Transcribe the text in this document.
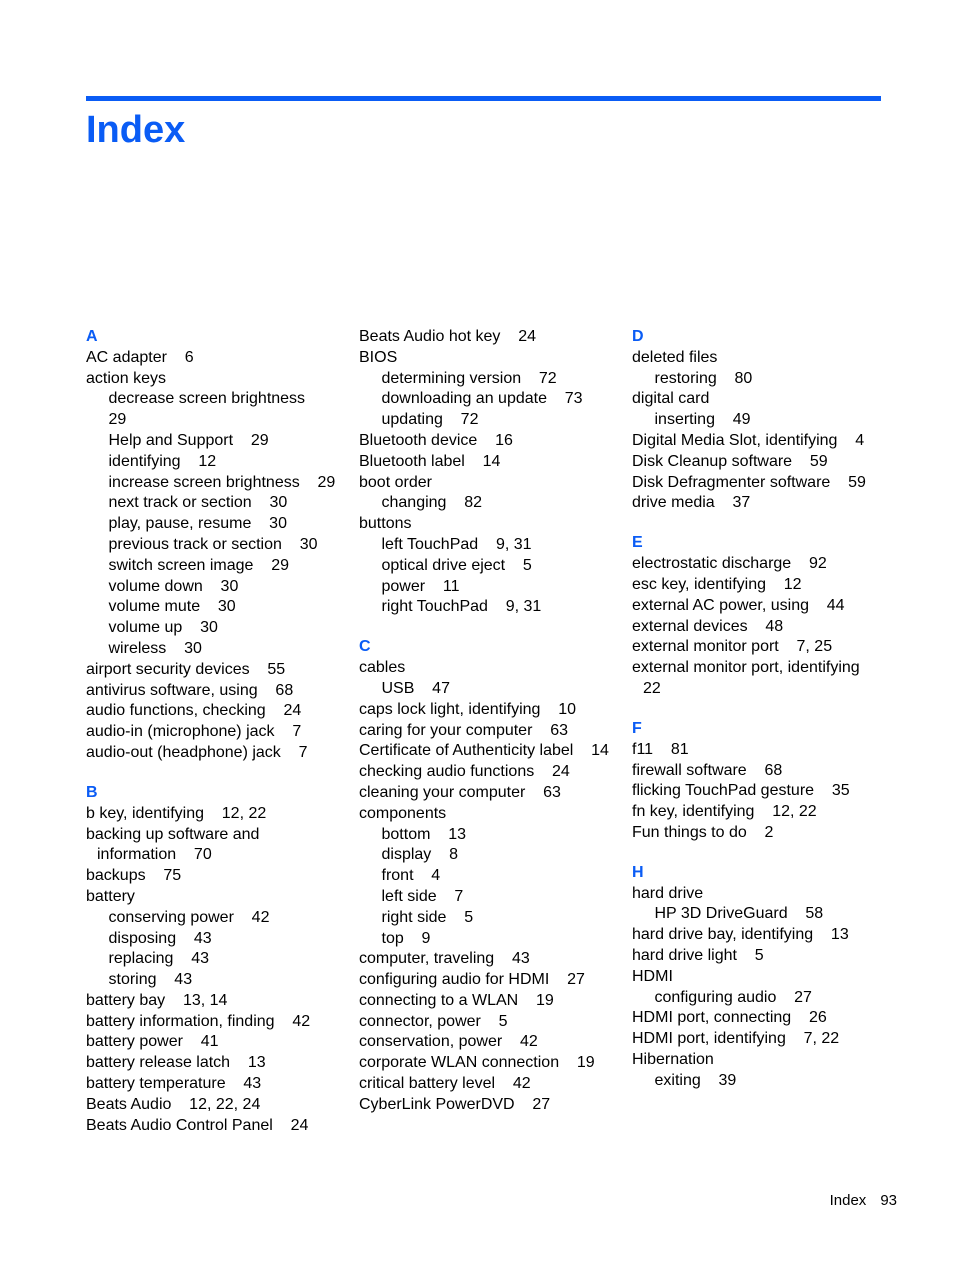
Index
A
AC adapter    6
action keys
decrease screen brightness
29
Help and Support    29
identifying    12
increase screen brightness    29
next track or section    30
play, pause, resume    30
previous track or section    30
switch screen image    29
volume down    30
volume mute    30
volume up    30
wireless    30
airport security devices    55
antivirus software, using    68
audio functions, checking    24
audio-in (microphone) jack    7
audio-out (headphone) jack    7
B
b key, identifying    12, 22
backing up software and
information    70
backups    75
battery
conserving power    42
disposing    43
replacing    43
storing    43
battery bay    13, 14
battery information, finding    42
battery power    41
battery release latch    13
battery temperature    43
Beats Audio    12, 22, 24
Beats Audio Control Panel    24
Beats Audio hot key    24
BIOS
determining version    72
downloading an update    73
updating    72
Bluetooth device    16
Bluetooth label    14
boot order
changing    82
buttons
left TouchPad    9, 31
optical drive eject    5
power    11
right TouchPad    9, 31
C
cables
USB    47
caps lock light, identifying    10
caring for your computer    63
Certificate of Authenticity label    14
checking audio functions    24
cleaning your computer    63
components
bottom    13
display    8
front    4
left side    7
right side    5
top    9
computer, traveling    43
configuring audio for HDMI    27
connecting to a WLAN    19
connector, power    5
conservation, power    42
corporate WLAN connection    19
critical battery level    42
CyberLink PowerDVD    27
D
deleted files
restoring    80
digital card
inserting    49
Digital Media Slot, identifying    4
Disk Cleanup software    59
Disk Defragmenter software    59
drive media    37
E
electrostatic discharge    92
esc key, identifying    12
external AC power, using    44
external devices    48
external monitor port    7, 25
external monitor port, identifying
22
F
f11    81
firewall software    68
flicking TouchPad gesture    35
fn key, identifying    12, 22
Fun things to do    2
H
hard drive
HP 3D DriveGuard    58
hard drive bay, identifying    13
hard drive light    5
HDMI
configuring audio    27
HDMI port, connecting    26
HDMI port, identifying    7, 22
Hibernation
exiting    39
Index 93
